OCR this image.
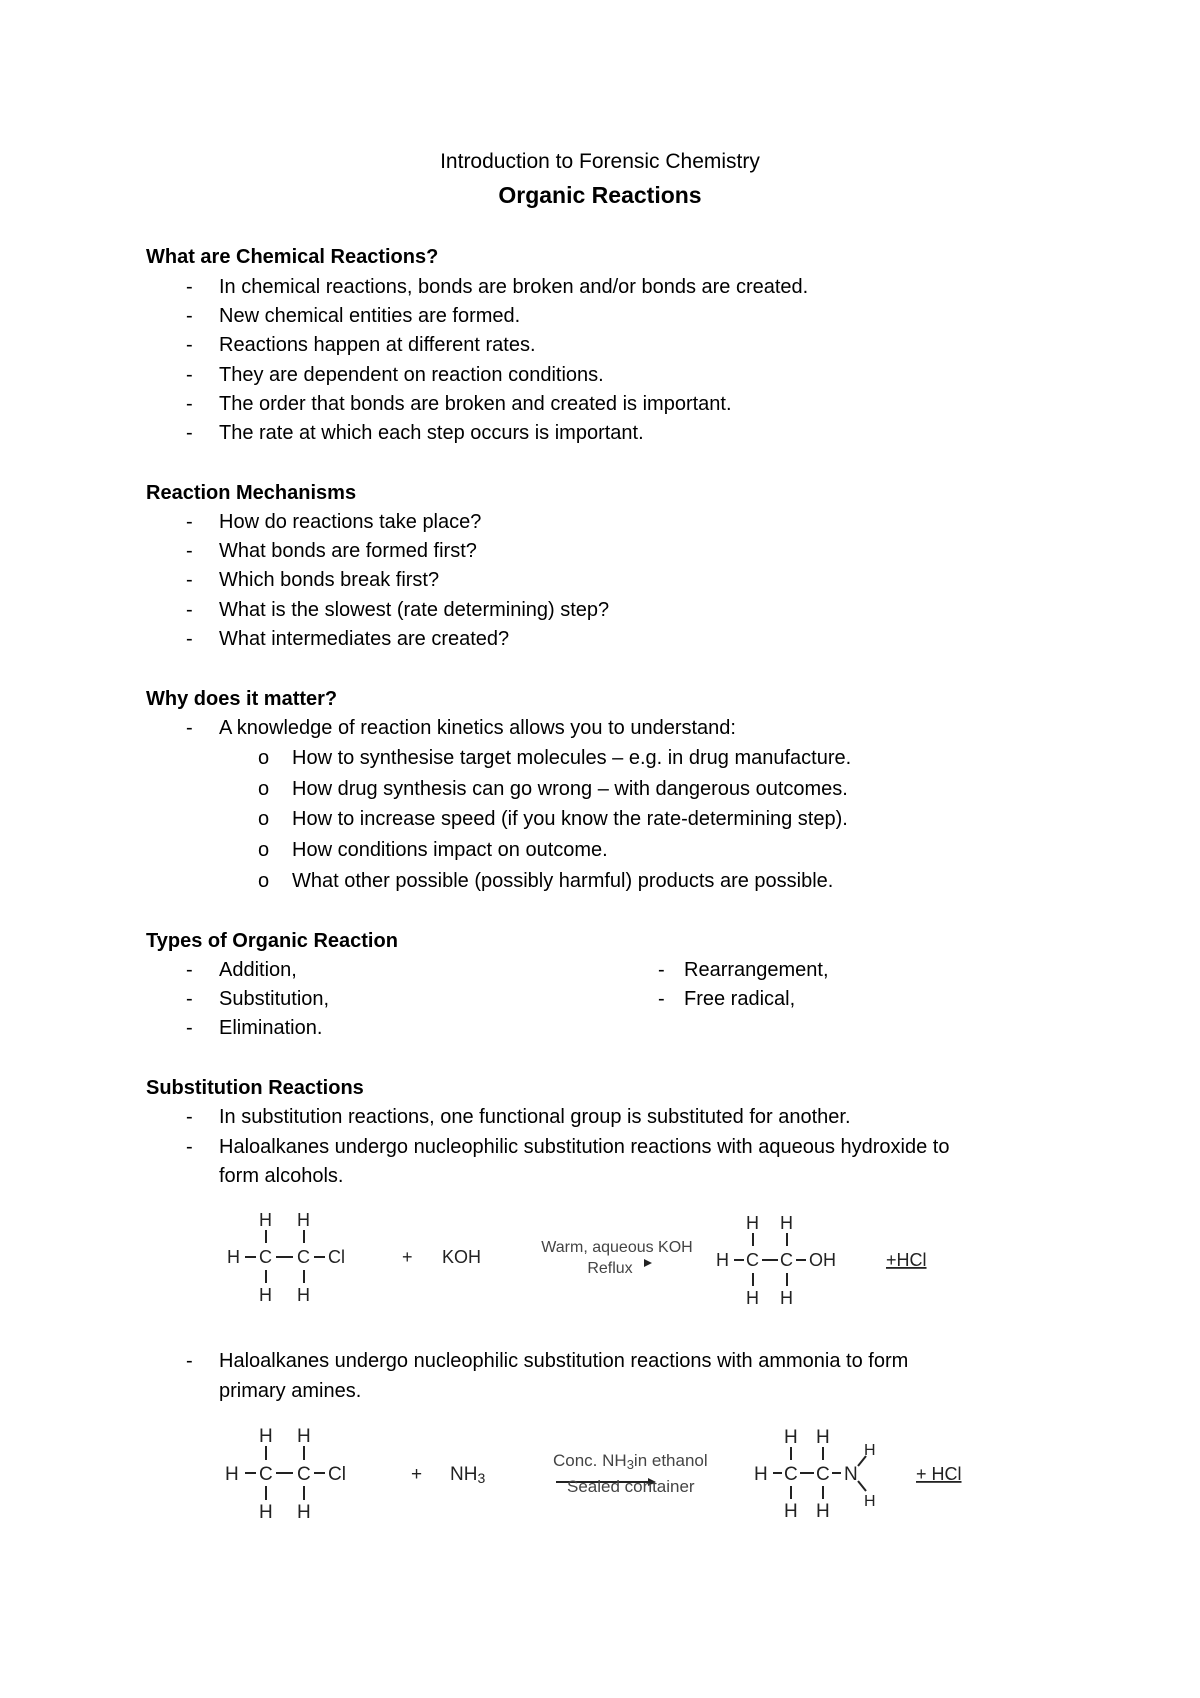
Introduction to Forensic Chemistry
Organic Reactions
What are Chemical Reactions?
- In chemical reactions, bonds are broken and/or bonds are created.
- New chemical entities are formed.
- Reactions happen at different rates.
- They are dependent on reaction conditions.
- The order that bonds are broken and created is important.
- The rate at which each step occurs is important.
Reaction Mechanisms
- How do reactions take place?
- What bonds are formed first?
- Which bonds break first?
- What is the slowest (rate determining) step?
- What intermediates are created?
Why does it matter?
- A knowledge of reaction kinetics allows you to understand:
o How to synthesise target molecules – e.g. in drug manufacture.
o How drug synthesis can go wrong – with dangerous outcomes.
o How to increase speed (if you know the rate-determining step).
o How conditions impact on outcome.
o What other possible (possibly harmful) products are possible.
Types of Organic Reaction
- Addition,
- Substitution,
- Elimination.
- Rearrangement,
- Free radical,
Substitution Reactions
- In substitution reactions, one functional group is substituted for another.
- Haloalkanes undergo nucleophilic substitution reactions with aqueous hydroxide to
form alcohols.
H H
H C C Cl
H H
+ KOH
H H
H C C OH
H H
Warm, aqueous KOH
Reflux	+HCl
- Haloalkanes undergo nucleophilic substitution reactions with ammonia to form
primary amines.
H H
H C C Cl
H H
+ NH3
H H
H C C N
H
H
H H
Conc. NH3in ethanol
Sealed container
+ HCl
